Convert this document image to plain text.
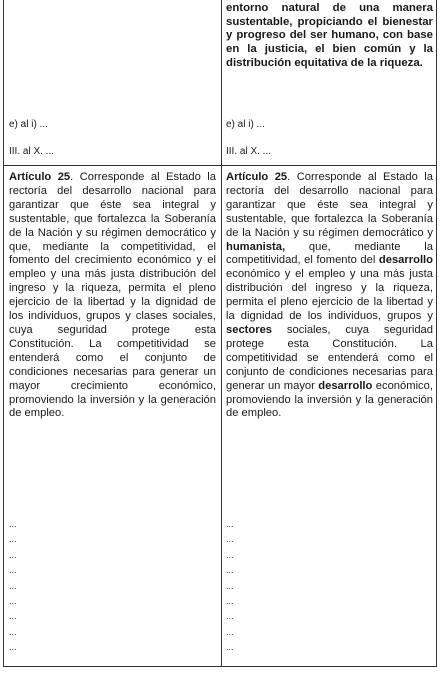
entorno natural de una manera sustentable, propiciando el bienestar y progreso del ser humano, con base en la justicia, el bien común y la distribución equitativa de la riqueza.
e) al i) ...
III. al X. ...
e) al i) ...
III. al X. ...
Artículo 25. Corresponde al Estado la rectoría del desarrollo nacional para garantizar que éste sea integral y sustentable, que fortalezca la Soberanía de la Nación y su régimen democrático y que, mediante la competitividad, el fomento del crecimiento económico y el empleo y una más justa distribución del ingreso y la riqueza, permita el pleno ejercicio de la libertad y la dignidad de los individuos, grupos y clases sociales, cuya seguridad protege esta Constitución. La competitividad se entenderá como el conjunto de condiciones necesarias para generar un mayor crecimiento económico, promoviendo la inversión y la generación de empleo.
Artículo 25. Corresponde al Estado la rectoría del desarrollo nacional para garantizar que éste sea integral y sustentable, que fortalezca la Soberanía de la Nación y su régimen democrático y humanista, que, mediante la competitividad, el fomento del desarrollo económico y el empleo y una más justa distribución del ingreso y la riqueza, permita el pleno ejercicio de la libertad y la dignidad de los individuos, grupos y sectores sociales, cuya seguridad protege esta Constitución. La competitividad se entenderá como el conjunto de condiciones necesarias para generar un mayor desarrollo económico, promoviendo la inversión y la generación de empleo.
...
...
...
...
...
...
...
...
...
...
...
...
...
...
...
...
...
...
